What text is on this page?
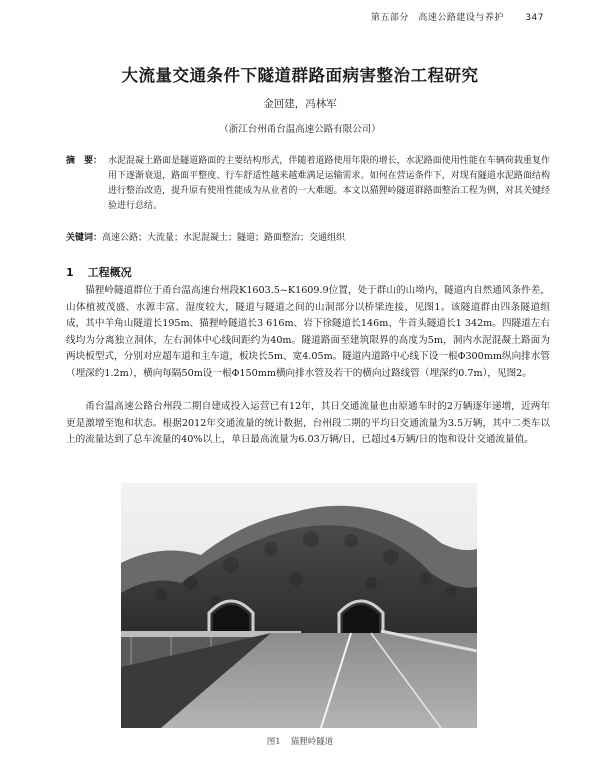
第五部分　高速公路建设与养护 347
大流量交通条件下隧道群路面病害整治工程研究
金回建，冯林军
（浙江台州甬台温高速公路有限公司）
摘　要： 水泥混凝土路面是隧道路面的主要结构形式，伴随着道路使用年限的增长，水泥路面使用性能在车辆荷载重复作用下逐渐衰退，路面平整度、行车舒适性越来越难满足运输需求。如何在营运条件下，对现有隧道水泥路面结构进行整治改造，提升原有使用性能成为从业者的一大难题。本文以猫狸岭隧道群路面整治工程为例，对其关键经验进行总结。
关键词：高速公路；大流量；水泥混凝土；隧道；路面整治；交通组织
1 工程概况
猫狸岭隧道群位于甬台温高速台州段K1603.5~K1609.9位置，处于群山的山坳内，隧道内自然通风条件差，山体植被茂盛、水源丰富、湿度较大，隧道与隧道之间的山洞部分以桥梁连接，见图1。该隧道群由四条隧道组成，其中羊角山隧道长195m、猫狸岭隧道长3 616m、岩下徐隧道长146m、牛首头隧道长1 342m。四隧道左右线均为分离独立洞体，左右洞体中心线间距约为40m。隧道路面至建筑限界的高度为5m，洞内水泥混凝土路面为两块板型式，分别对应超车道和主车道，板块长5m、宽4.05m。隧道内道路中心线下设一根Φ300mm纵向排水管（埋深约1.2m），横向每隔50m设一根Φ150mm横向排水管及若干的横向过路线管（埋深约0.7m），见图2。
甬台温高速公路台州段二期自建成投入运营已有12年，其日交通流量也由原通车时的2万辆逐年递增，近两年更是激增至饱和状态。根据2012年交通流量的统计数据，台州段二期的平均日交通流量为3.5万辆，其中二类车以上的流量达到了总车流量的40%以上，单日最高流量为6.03万辆/日，已超过4万辆/日的饱和设计交通流量值。
图1 猫狸岭隧道
